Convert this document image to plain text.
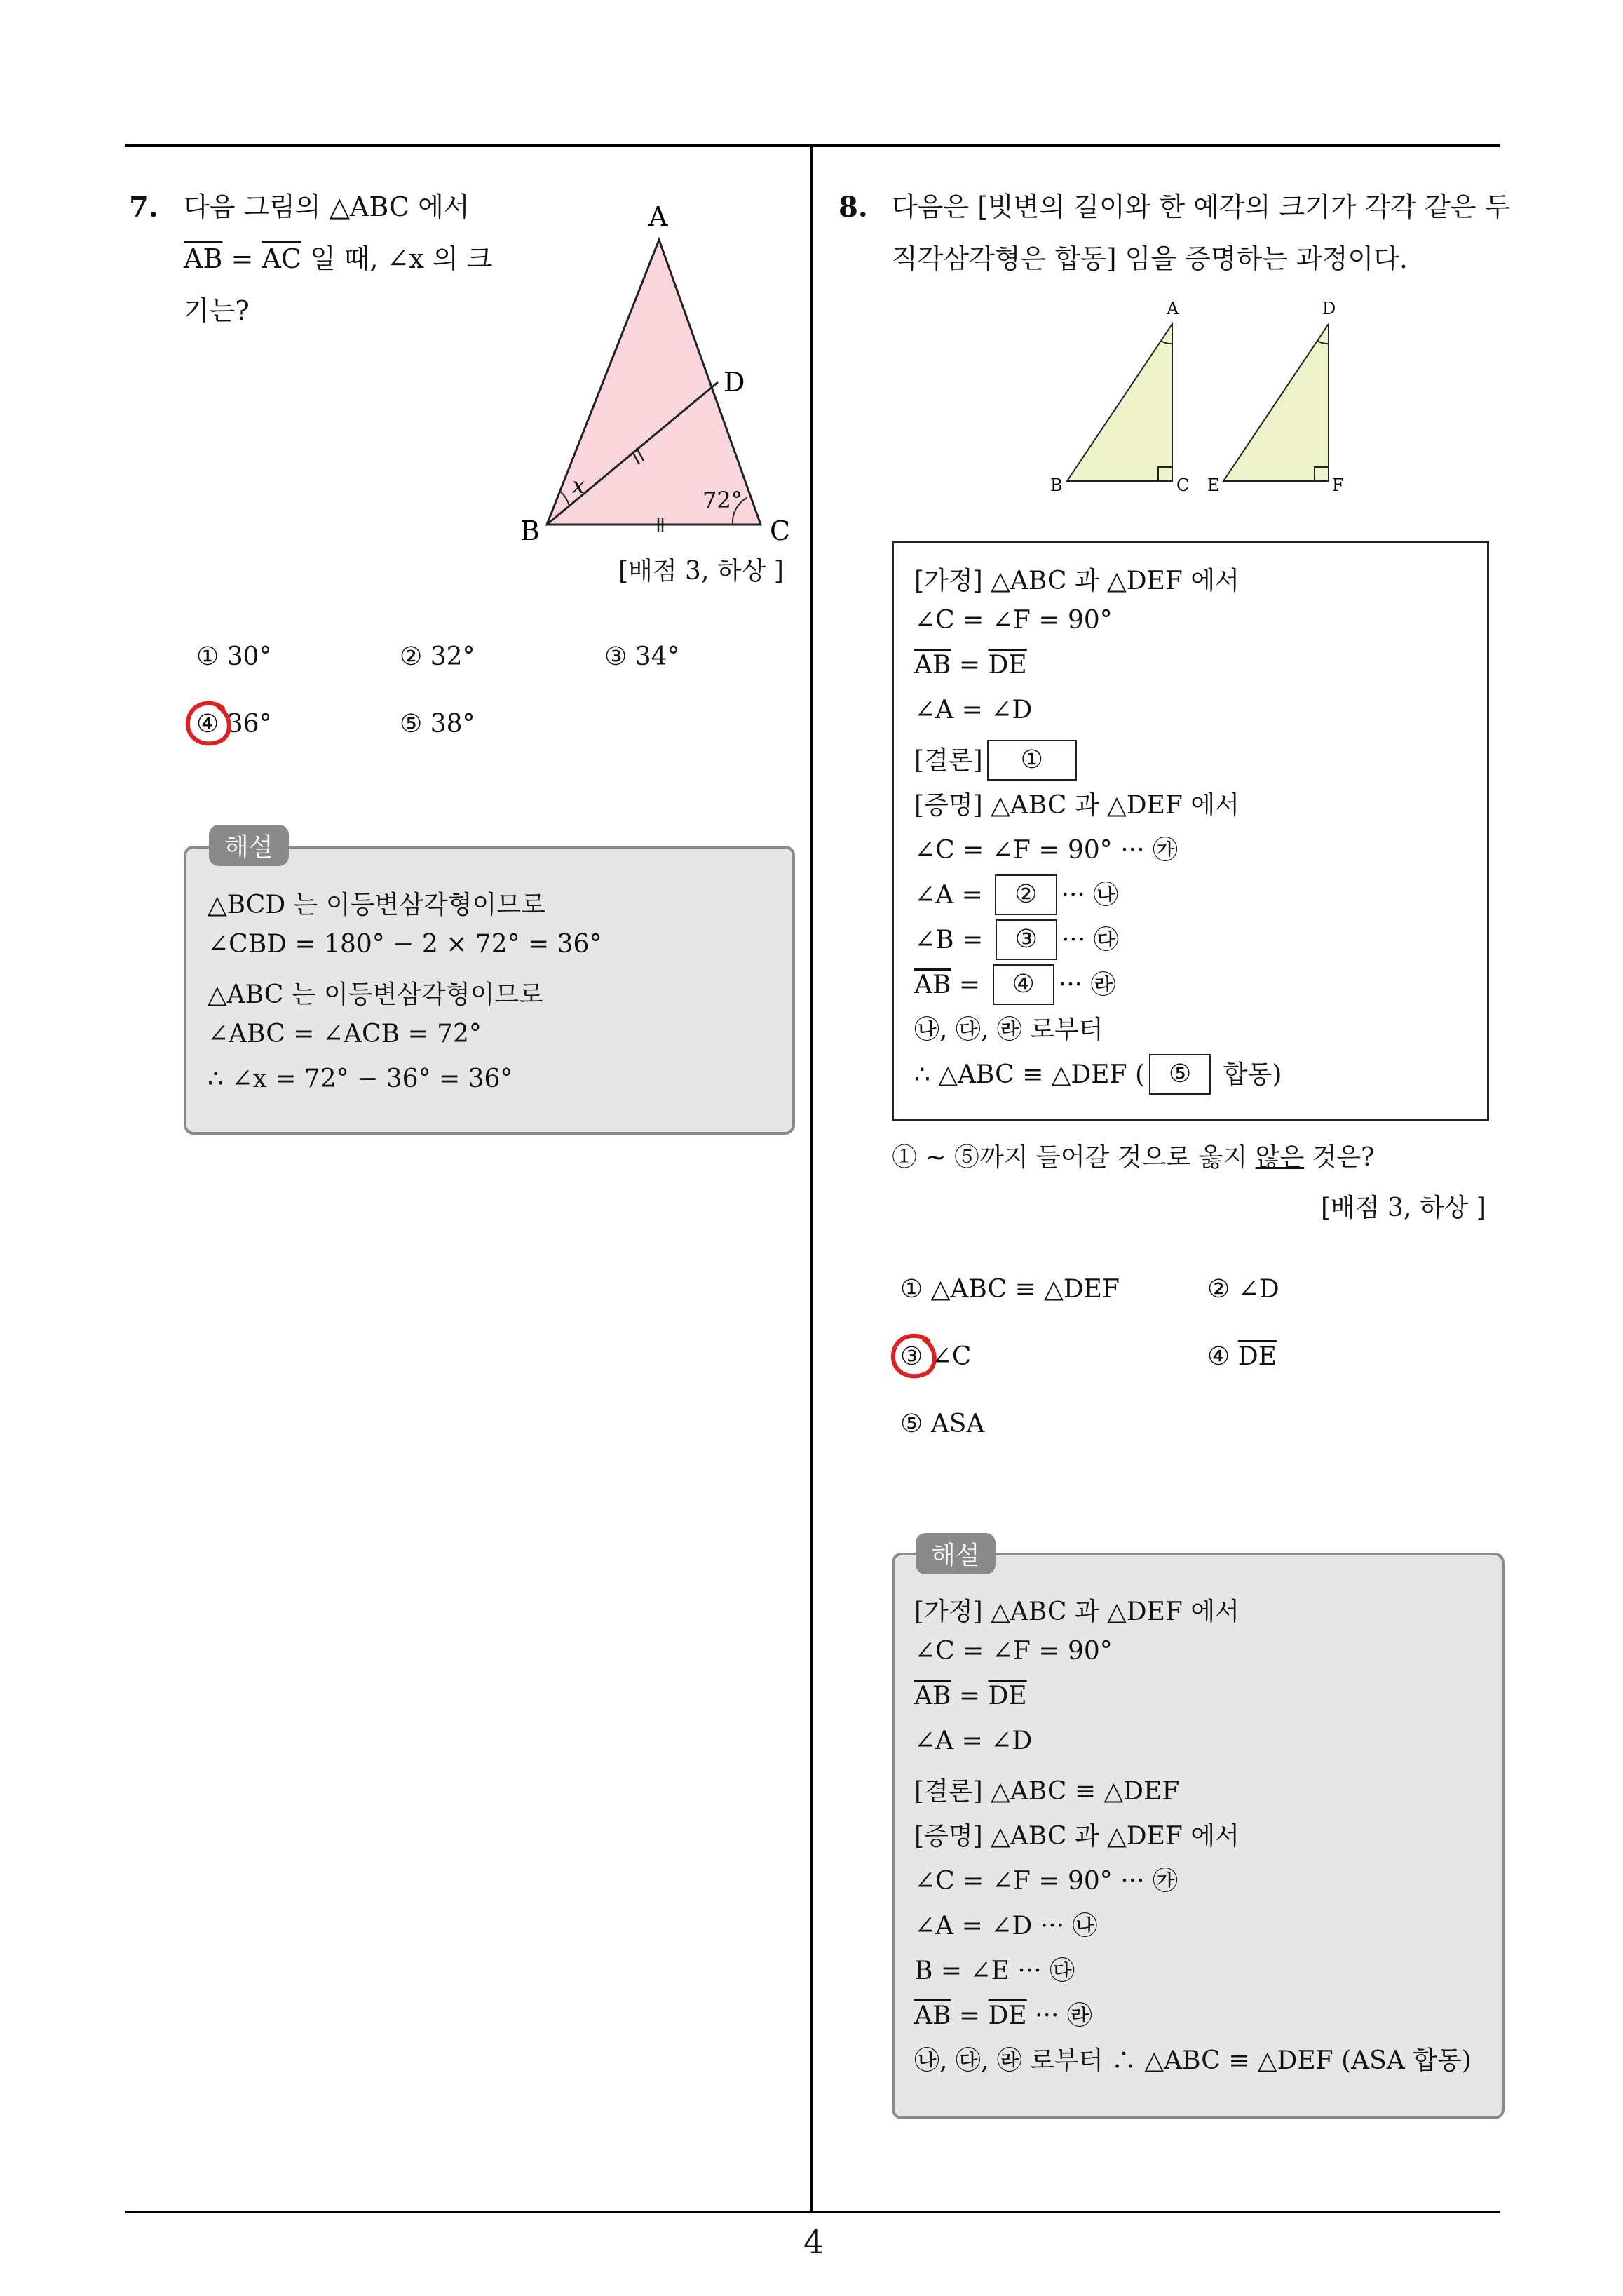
4
7. 다음 그림의 △ABC 에서
$\overline{AB} = \overline{AC}$ 일 때, ∠x 의 크
기는?
A
B	C
D
x
72°
[배점 3, 하상 ]
① 30°	② 32°	③ 34°
④ 36°	⑤ 38°
해설
△BCD 는 이등변삼각형이므로
∠CBD = 180° − 2 × 72° = 36°
△ABC 는 이등변삼각형이므로
∠ABC = ∠ACB = 72°
∴ ∠x = 72° − 36° = 36°
8. 다음은 [빗변의 길이와 한 예각의 크기가 각각 같은 두
직각삼각형은 합동] 임을 증명하는 과정이다.
A
B	C
D
E	F
[가정] △ABC 과 △DEF 에서
∠C = ∠F = 90°
$\overline{AB} = \overline{DE}$
∠A = ∠D
[결론] ①
[증명] △ABC 과 △DEF 에서
∠C = ∠F = 90° ··· ㉮
∠A = ② ··· ㉯
∠B = ③ ··· ㉰
$\overline{AB}$ = ④ ··· ㉱
㉯, ㉰, ㉱ 로부터
∴ △ABC ≡ △DEF ( ⑤ 합동)
① ~ ⑤까지 들어갈 것으로 옳지 않은 것은?
[배점 3, 하상 ]
① △ABC ≡ △DEF	② ∠D
③ ∠C	④ $\overline{DE}$
⑤ ASA
해설
[가정] △ABC 과 △DEF 에서
∠C = ∠F = 90°
$\overline{AB} = \overline{DE}$
∠A = ∠D
[결론] △ABC ≡ △DEF
[증명] △ABC 과 △DEF 에서
∠C = ∠F = 90° ··· ㉮
∠A = ∠D ··· ㉯
B = ∠E ··· ㉰
$\overline{AB} = \overline{DE}$ ··· ㉱
㉯, ㉰, ㉱ 로부터 ∴ △ABC ≡ △DEF (ASA 합동)
